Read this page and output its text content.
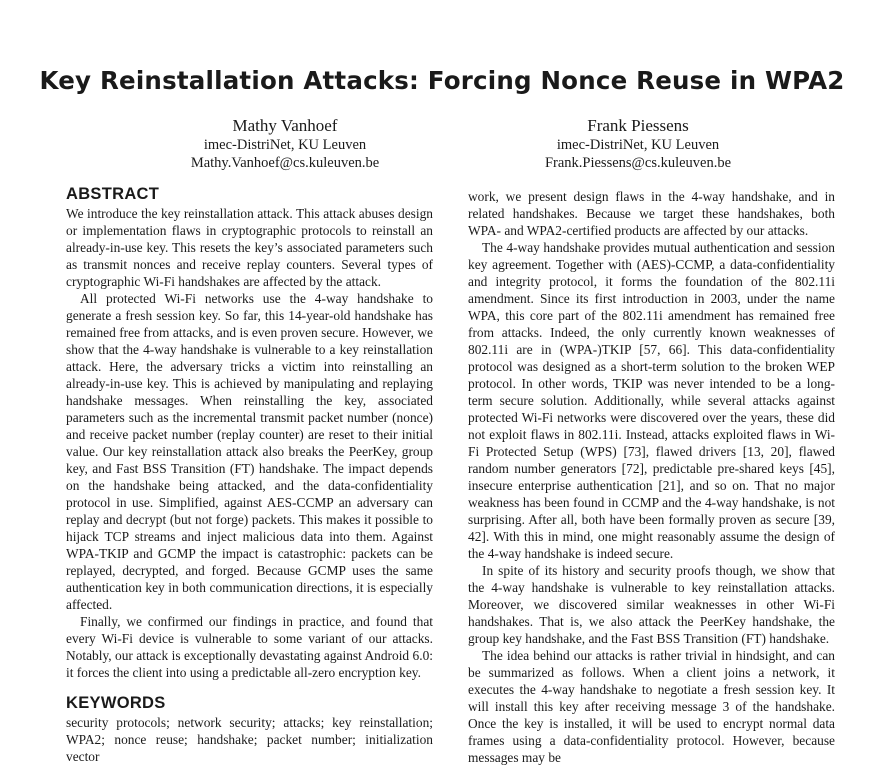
Key Reinstallation Attacks: Forcing Nonce Reuse in WPA2
Mathy Vanhoef
imec-DistriNet, KU Leuven
Mathy.Vanhoef@cs.kuleuven.be
Frank Piessens
imec-DistriNet, KU Leuven
Frank.Piessens@cs.kuleuven.be
ABSTRACT

We introduce the key reinstallation attack. This attack abuses design or implementation flaws in cryptographic protocols to reinstall an already-in-use key. This resets the key’s associated parameters such as transmit nonces and receive replay counters. Several types of cryptographic Wi-Fi handshakes are affected by the attack.

All protected Wi-Fi networks use the 4-way handshake to generate a fresh session key. So far, this 14-year-old handshake has remained free from attacks, and is even proven secure. However, we show that the 4-way handshake is vulnerable to a key reinstallation attack. Here, the adversary tricks a victim into reinstalling an already-in-use key. This is achieved by manipulating and replaying handshake messages. When reinstalling the key, associated parameters such as the incremental transmit packet number (nonce) and receive packet number (replay counter) are reset to their initial value. Our key reinstallation attack also breaks the PeerKey, group key, and Fast BSS Transition (FT) handshake. The impact depends on the handshake being attacked, and the data-confidentiality protocol in use. Simplified, against AES-CCMP an adversary can replay and decrypt (but not forge) packets. This makes it possible to hijack TCP streams and inject malicious data into them. Against WPA-TKIP and GCMP the impact is catastrophic: packets can be replayed, decrypted, and forged. Because GCMP uses the same authentication key in both communication directions, it is especially affected.

Finally, we confirmed our findings in practice, and found that every Wi-Fi device is vulnerable to some variant of our attacks. Notably, our attack is exceptionally devastating against Android 6.0: it forces the client into using a predictable all-zero encryption key.

KEYWORDS

security protocols; network security; attacks; key reinstallation; WPA2; nonce reuse; handshake; packet number; initialization vector

work, we present design flaws in the 4-way handshake, and in related handshakes. Because we target these handshakes, both WPA- and WPA2-certified products are affected by our attacks.

The 4-way handshake provides mutual authentication and session key agreement. Together with (AES)-CCMP, a data-confidentiality and integrity protocol, it forms the foundation of the 802.11i amendment. Since its first introduction in 2003, under the name WPA, this core part of the 802.11i amendment has remained free from attacks. Indeed, the only currently known weaknesses of 802.11i are in (WPA-)TKIP [57, 66]. This data-confidentiality protocol was designed as a short-term solution to the broken WEP protocol. In other words, TKIP was never intended to be a long-term secure solution. Additionally, while several attacks against protected Wi-Fi networks were discovered over the years, these did not exploit flaws in 802.11i. Instead, attacks exploited flaws in Wi-Fi Protected Setup (WPS) [73], flawed drivers [13, 20], flawed random number generators [72], predictable pre-shared keys [45], insecure enterprise authentication [21], and so on. That no major weakness has been found in CCMP and the 4-way handshake, is not surprising. After all, both have been formally proven as secure [39, 42]. With this in mind, one might reasonably assume the design of the 4-way handshake is indeed secure.

In spite of its history and security proofs though, we show that the 4-way handshake is vulnerable to key reinstallation attacks. Moreover, we discovered similar weaknesses in other Wi-Fi handshakes. That is, we also attack the PeerKey handshake, the group key handshake, and the Fast BSS Transition (FT) handshake.

The idea behind our attacks is rather trivial in hindsight, and can be summarized as follows. When a client joins a network, it executes the 4-way handshake to negotiate a fresh session key. It will install this key after receiving message 3 of the handshake. Once the key is installed, it will be used to encrypt normal data frames using a data-confidentiality protocol. However, because messages may be
